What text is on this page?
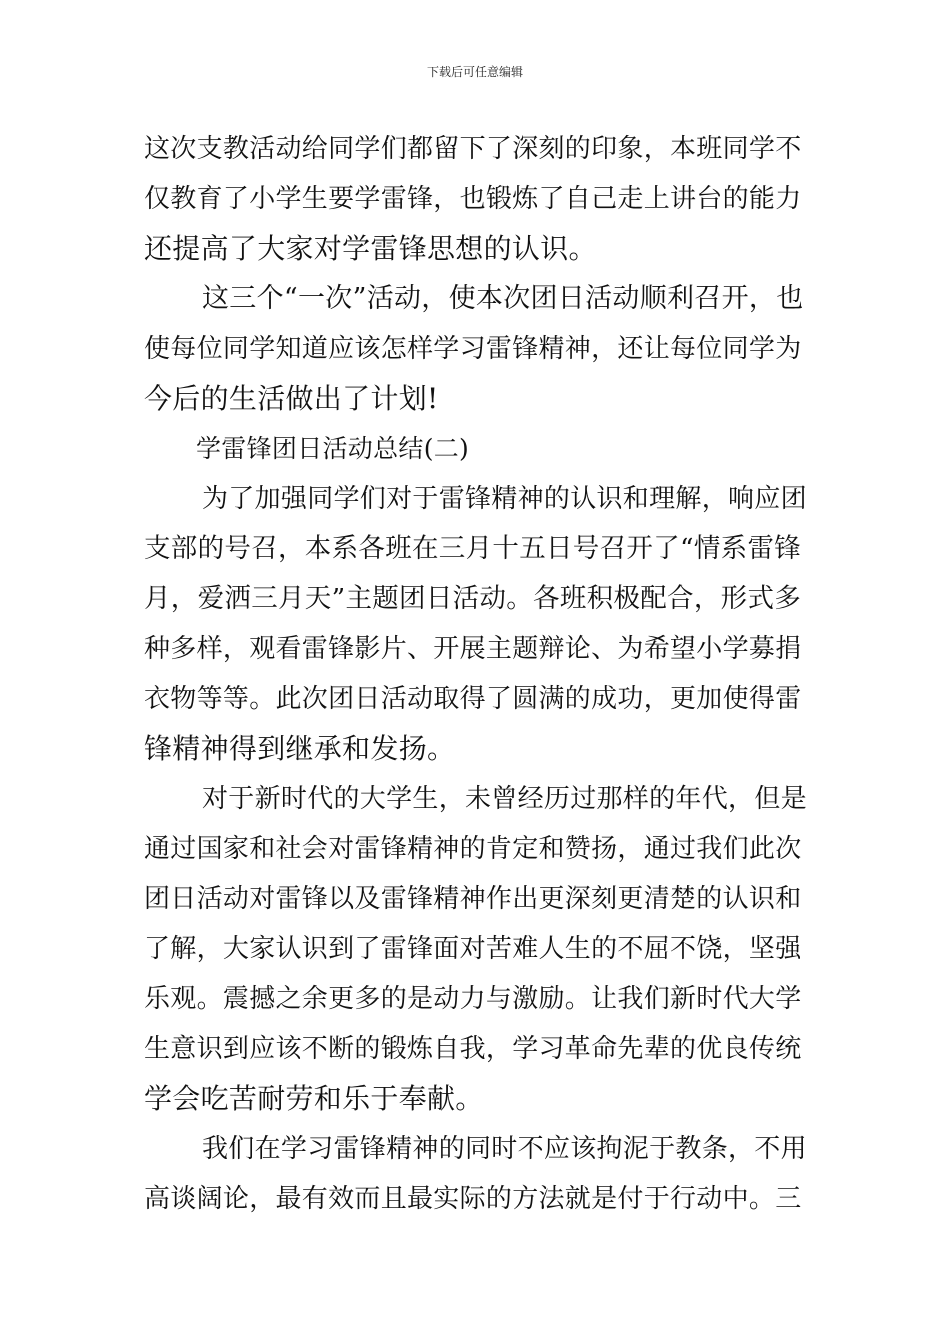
下载后可任意编辑
这次支教活动给同学们都留下了深刻的印象，本班同学不
仅教育了小学生要学雷锋，也锻炼了自己走上讲台的能力
还提高了大家对学雷锋思想的认识。
这三个“一次”活动，使本次团日活动顺利召开，也
使每位同学知道应该怎样学习雷锋精神，还让每位同学为
今后的生活做出了计划!
学雷锋团日活动总结(二)
为了加强同学们对于雷锋精神的认识和理解，响应团
支部的号召，本系各班在三月十五日号召开了“情系雷锋
月，爱洒三月天”主题团日活动。各班积极配合，形式多
种多样，观看雷锋影片、开展主题辩论、为希望小学募捐
衣物等等。此次团日活动取得了圆满的成功，更加使得雷
锋精神得到继承和发扬。
对于新时代的大学生，未曾经历过那样的年代，但是
通过国家和社会对雷锋精神的肯定和赞扬，通过我们此次
团日活动对雷锋以及雷锋精神作出更深刻更清楚的认识和
了解，大家认识到了雷锋面对苦难人生的不屈不饶，坚强
乐观。震撼之余更多的是动力与激励。让我们新时代大学
生意识到应该不断的锻炼自我，学习革命先辈的优良传统
学会吃苦耐劳和乐于奉献。
我们在学习雷锋精神的同时不应该拘泥于教条，不用
高谈阔论，最有效而且最实际的方法就是付于行动中。三
